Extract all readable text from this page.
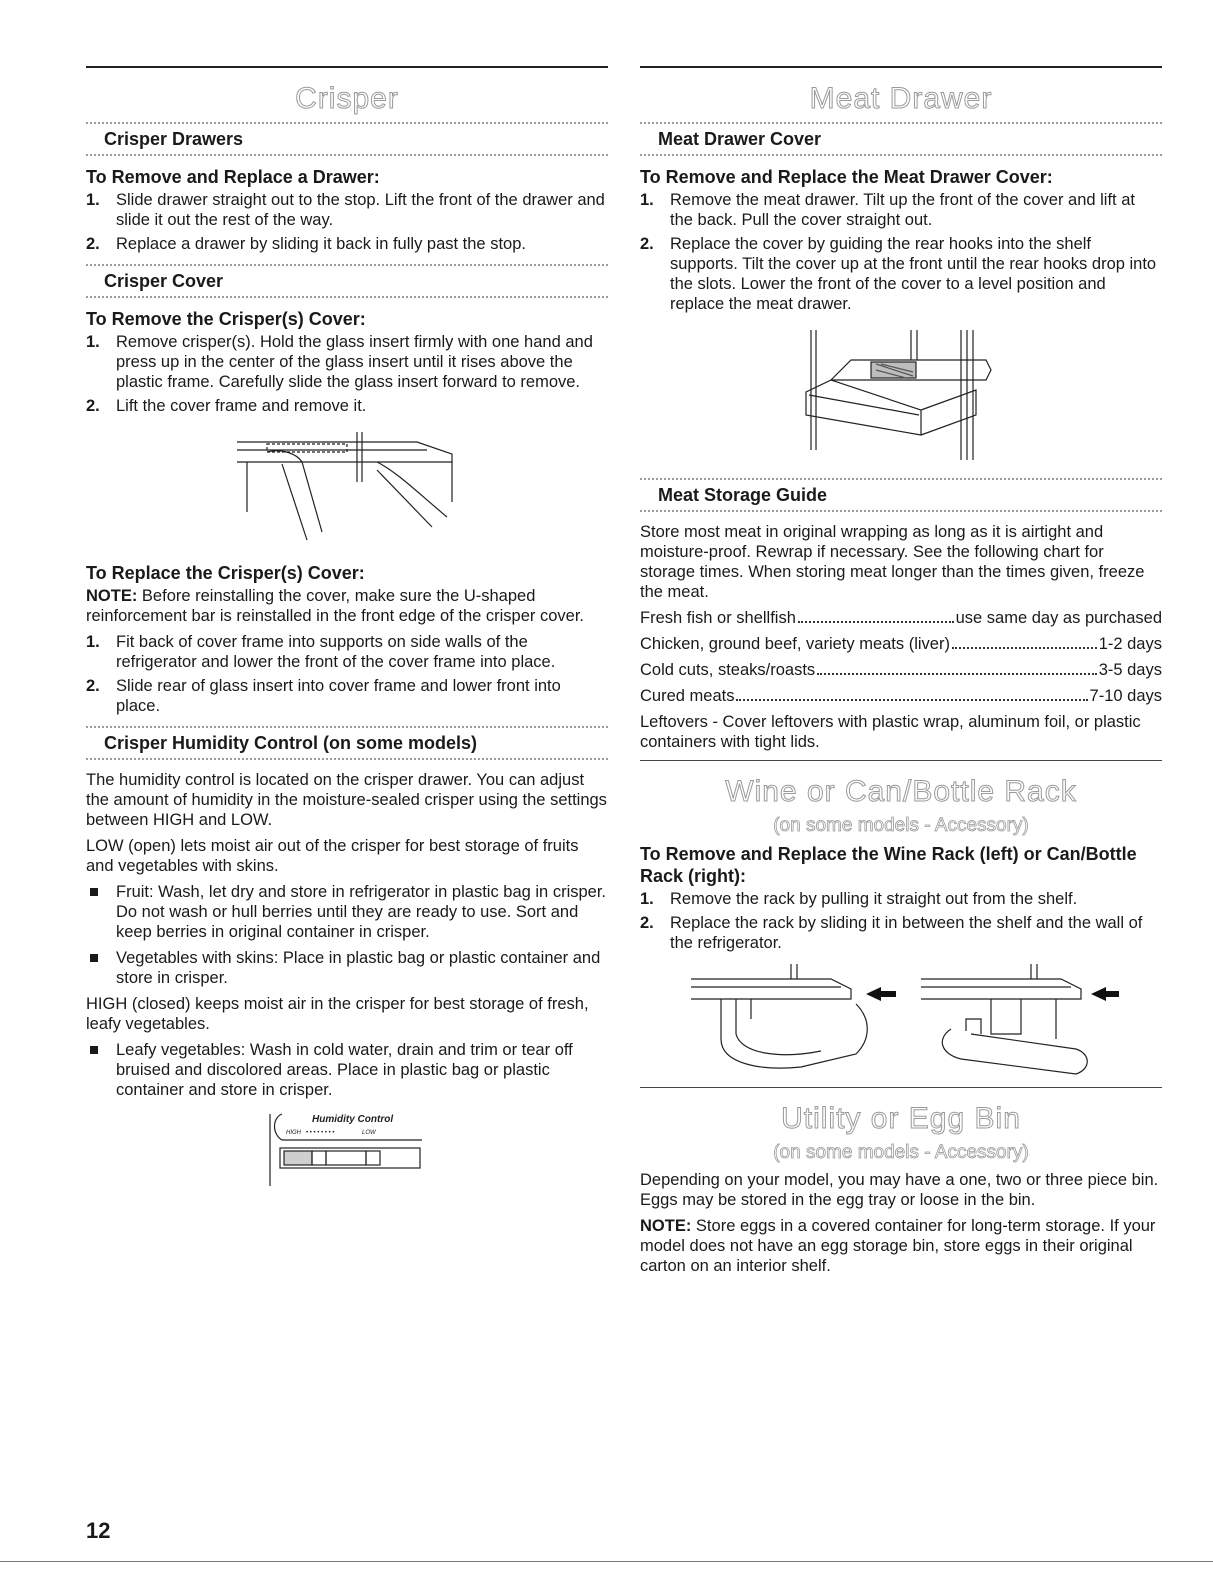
Crisper
Crisper Drawers
To Remove and Replace a Drawer:
1. Slide drawer straight out to the stop. Lift the front of the drawer and slide it out the rest of the way.
2. Replace a drawer by sliding it back in fully past the stop.
Crisper Cover
To Remove the Crisper(s) Cover:
1. Remove crisper(s). Hold the glass insert firmly with one hand and press up in the center of the glass insert until it rises above the plastic frame. Carefully slide the glass insert forward to remove.
2. Lift the cover frame and remove it.
To Replace the Crisper(s) Cover:

NOTE: Before reinstalling the cover, make sure the U-shaped reinforcement bar is reinstalled in the front edge of the crisper cover.

1. Fit back of cover frame into supports on side walls of the refrigerator and lower the front of the cover frame into place.
2. Slide rear of glass insert into cover frame and lower front into place.
Crisper Humidity Control (on some models)

The humidity control is located on the crisper drawer. You can adjust the amount of humidity in the moisture-sealed crisper using the settings between HIGH and LOW.

LOW (open) lets moist air out of the crisper for best storage of fruits and vegetables with skins.

Fruit: Wash, let dry and store in refrigerator in plastic bag in crisper. Do not wash or hull berries until they are ready to use. Sort and keep berries in original container in crisper.
Vegetables with skins: Place in plastic bag or plastic container and store in crisper.

HIGH (closed) keeps moist air in the crisper for best storage of fresh, leafy vegetables.

Leafy vegetables: Wash in cold water, drain and trim or tear off bruised and discolored areas. Place in plastic bag or plastic container and store in crisper.
Humidity Control
HIGH • • • • • • • •	LOW
Meat Drawer
Meat Drawer Cover
To Remove and Replace the Meat Drawer Cover:
1. Remove the meat drawer. Tilt up the front of the cover and lift at the back. Pull the cover straight out.
2. Replace the cover by guiding the rear hooks into the shelf supports. Tilt the cover up at the front until the rear hooks drop into the slots. Lower the front of the cover to a level position and replace the meat drawer.
Meat Storage Guide

Store most meat in original wrapping as long as it is airtight and moisture-proof. Rewrap if necessary. See the following chart for storage times. When storing meat longer than the times given, freeze the meat.

Fresh fish or shellfish	use same day as purchased
Chicken, ground beef, variety meats (liver)	1-2 days
Cold cuts, steaks/roasts	3-5 days
Cured meats	7-10 days

Leftovers - Cover leftovers with plastic wrap, aluminum foil, or plastic containers with tight lids.

Wine or Can/Bottle Rack
(on some models - Accessory)
To Remove and Replace the Wine Rack (left) or Can/Bottle Rack (right):
1. Remove the rack by pulling it straight out from the shelf.
2. Replace the rack by sliding it in between the shelf and the wall of the refrigerator.
Utility or Egg Bin
(on some models - Accessory)

Depending on your model, you may have a one, two or three piece bin. Eggs may be stored in the egg tray or loose in the bin.

NOTE: Store eggs in a covered container for long-term storage. If your model does not have an egg storage bin, store eggs in their original carton on an interior shelf.

12
